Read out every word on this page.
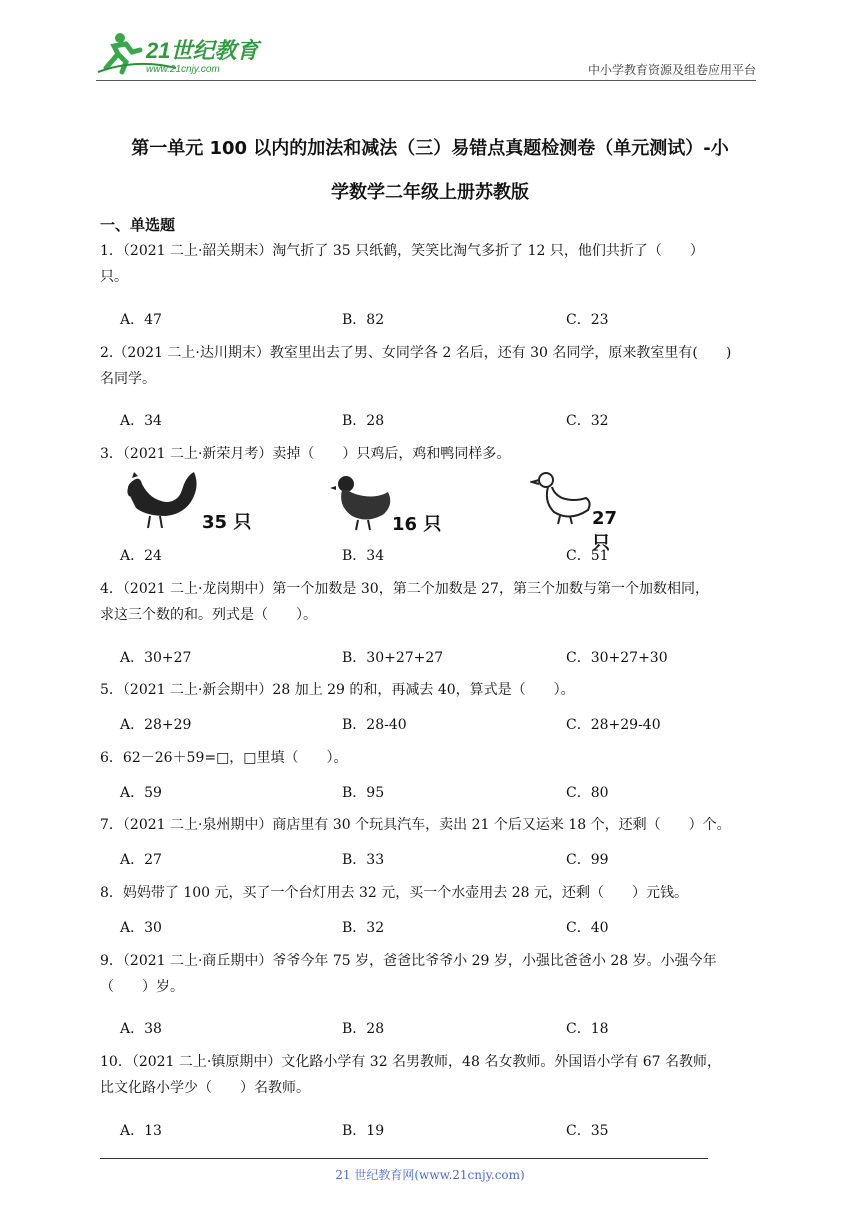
21世纪教育
www.21cnjy.com	中小学教育资源及组卷应用平台
第一单元 100 以内的加法和减法（三）易错点真题检测卷（单元测试）-小
学数学二年级上册苏教版
一、单选题
1．（2021 二上·韶关期末）淘气折了 35 只纸鹤，笑笑比淘气多折了 12 只，他们共折了（　　）
只。
A．47	B．82	C．23
2.（2021 二上·达川期末）教室里出去了男、女同学各 2 名后，还有 30 名同学，原来教室里有(　　)
名同学。
A．34	B．28	C．32
3．（2021 二上·新荣月考）卖掉（　　）只鸡后，鸡和鸭同样多。
35 只	16 只	27 只
A．24	B．34	C．51
4．（2021 二上·龙岗期中）第一个加数是 30，第二个加数是 27，第三个加数与第一个加数相同，
求这三个数的和。列式是（　　）。
A．30+27	B．30+27+27	C．30+27+30
5．（2021 二上·新会期中）28 加上 29 的和，再减去 40，算式是（　　）。
A．28+29	B．28-40	C．28+29-40
6．62－26＋59=□，□里填（　　）。
A．59	B．95	C．80
7．（2021 二上·泉州期中）商店里有 30 个玩具汽车，卖出 21 个后又运来 18 个，还剩（　　）个。
A．27	B．33	C．99
8．妈妈带了 100 元，买了一个台灯用去 32 元，买一个水壶用去 28 元，还剩（　　）元钱。
A．30	B．32	C．40
9．（2021 二上·商丘期中）爷爷今年 75 岁，爸爸比爷爷小 29 岁，小强比爸爸小 28 岁。小强今年
（　　）岁。
A．38	B．28	C．18
10．（2021 二上·镇原期中）文化路小学有 32 名男教师，48 名女教师。外国语小学有 67 名教师，
比文化路小学少（　　）名教师。
A．13	B．19	C．35
21 世纪教育网(www.21cnjy.com)
